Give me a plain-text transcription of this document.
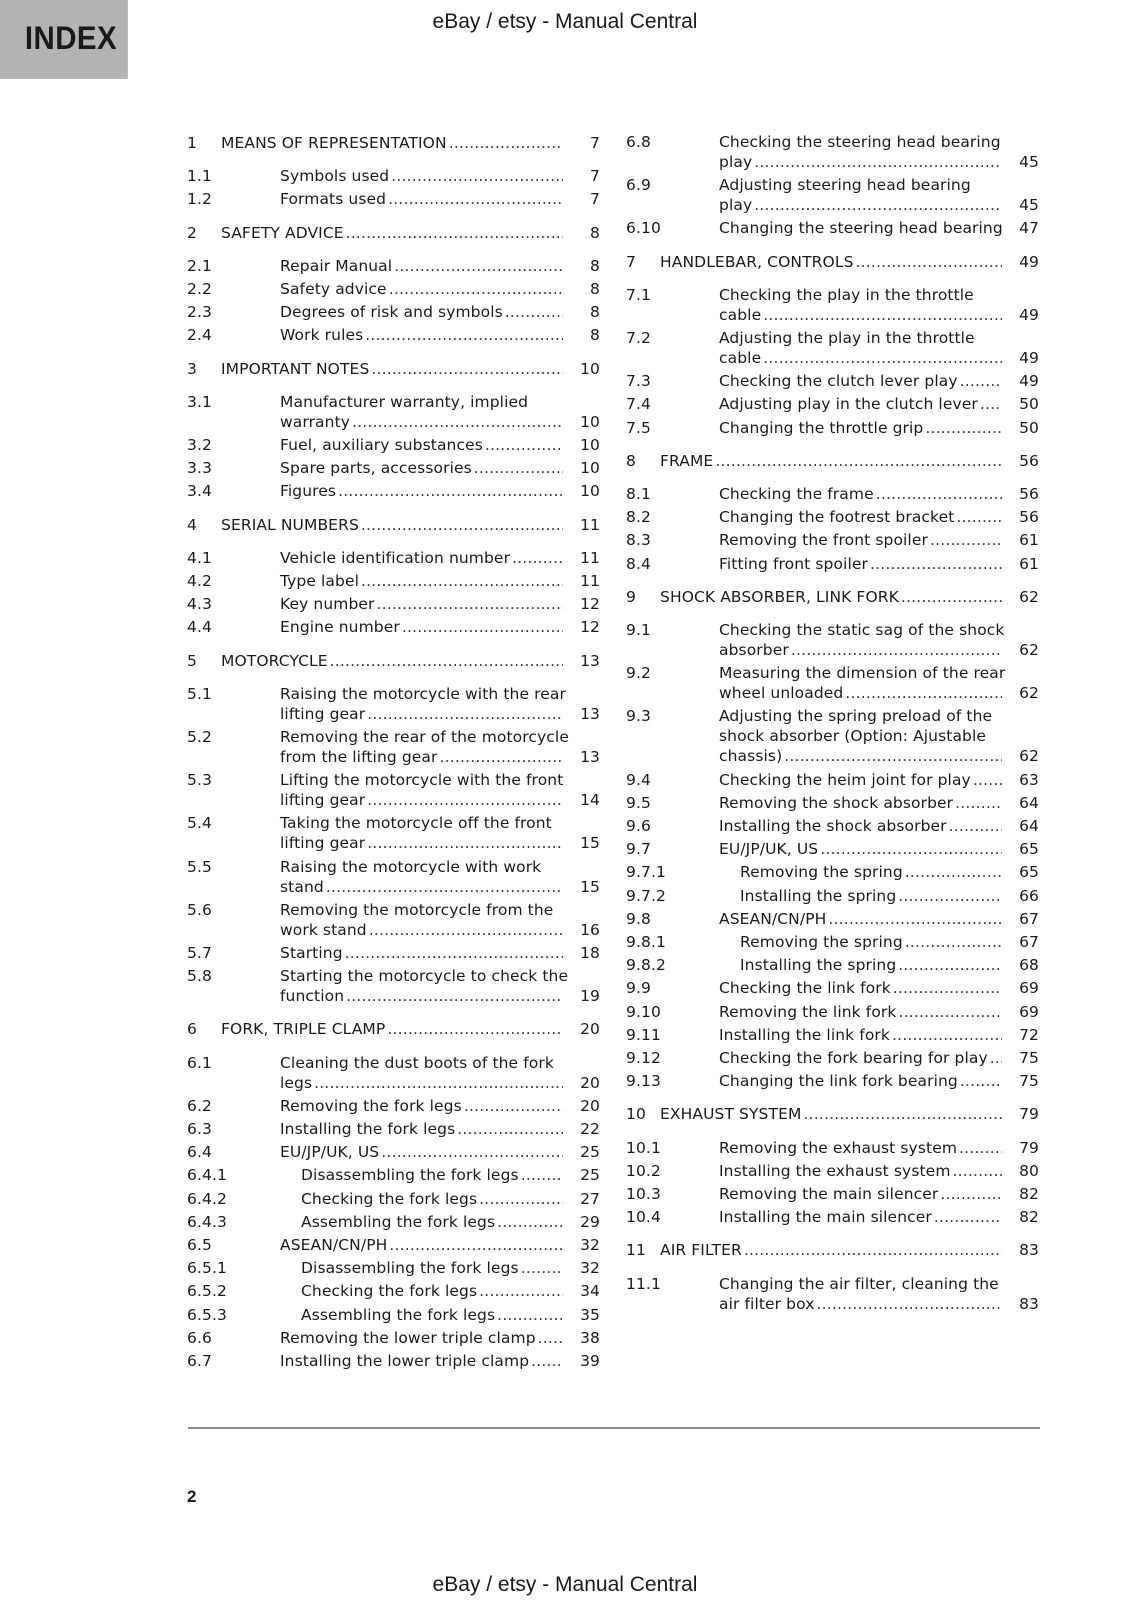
INDEX	eBay / etsy - Manual Central
1 MEANS OF REPRESENTATION .....	7
1.1	Symbols used .....	7
1.2	Formats used .....	7
2 SAFETY ADVICE .....	8
2.1	Repair Manual .....	8
2.2	Safety advice .....	8
2.3	Degrees of risk and symbols .....	8
2.4	Work rules .....	8
3 IMPORTANT NOTES .....	10
3.1	Manufacturer warranty, implied
warranty .....	10
3.2	Fuel, auxiliary substances .....	10
3.3	Spare parts, accessories .....	10
3.4	Figures .....	10
4 SERIAL NUMBERS .....	11
4.1	Vehicle identification number .....	11
4.2	Type label .....	11
4.3	Key number .....	12
4.4	Engine number .....	12
5 MOTORCYCLE .....	13
5.1	Raising the motorcycle with the rear
lifting gear .....	13
5.2	Removing the rear of the motorcycle
from the lifting gear .....	13
5.3	Lifting the motorcycle with the front
lifting gear .....	14
5.4	Taking the motorcycle off the front
lifting gear .....	15
5.5	Raising the motorcycle with work
stand .....	15
5.6	Removing the motorcycle from the
work stand .....	16
5.7	Starting .....	18
5.8	Starting the motorcycle to check the
function .....	19
6 FORK, TRIPLE CLAMP .....	20
6.1	Cleaning the dust boots of the fork
legs .....	20
6.2	Removing the fork legs .....	20
6.3	Installing the fork legs .....	22
6.4	EU/JP/UK, US .....	25
6.4.1	Disassembling the fork legs .....	25
6.4.2	Checking the fork legs .....	27
6.4.3	Assembling the fork legs .....	29
6.5	ASEAN/CN/PH .....	32
6.5.1	Disassembling the fork legs .....	32
6.5.2	Checking the fork legs .....	34
6.5.3	Assembling the fork legs .....	35
6.6	Removing the lower triple clamp .....	38
6.7	Installing the lower triple clamp .....	39
6.8	Checking the steering head bearing
play .....	45
6.9	Adjusting steering head bearing
play .....	45
6.10	Changing the steering head bearing 47
7 HANDLEBAR, CONTROLS .....	49
7.1	Checking the play in the throttle
cable .....	49
7.2	Adjusting the play in the throttle
cable .....	49
7.3	Checking the clutch lever play .....	49
7.4	Adjusting play in the clutch lever .....	50
7.5	Changing the throttle grip .....	50
8 FRAME .....	56
8.1	Checking the frame .....	56
8.2	Changing the footrest bracket .....	56
8.3	Removing the front spoiler .....	61
8.4	Fitting front spoiler .....	61
9 SHOCK ABSORBER, LINK FORK .....	62
9.1	Checking the static sag of the shock
absorber .....	62
9.2	Measuring the dimension of the rear
wheel unloaded .....	62
9.3	Adjusting the spring preload of the
shock absorber (Option: Ajustable
chassis) .....	62
9.4	Checking the heim joint for play .....	63
9.5	Removing the shock absorber .....	64
9.6	Installing the shock absorber .....	64
9.7	EU/JP/UK, US .....	65
9.7.1	Removing the spring .....	65
9.7.2	Installing the spring .....	66
9.8	ASEAN/CN/PH .....	67
9.8.1	Removing the spring .....	67
9.8.2	Installing the spring .....	68
9.9	Checking the link fork .....	69
9.10	Removing the link fork .....	69
9.11	Installing the link fork .....	72
9.12	Checking the fork bearing for play ..... 75
9.13	Changing the link fork bearing .....	75
10 EXHAUST SYSTEM .....	79
10.1	Removing the exhaust system .....	79
10.2	Installing the exhaust system .....	80
10.3	Removing the main silencer .....	82
10.4	Installing the main silencer .....	82
11 AIR FILTER .....	83
11.1	Changing the air filter, cleaning the
air filter box .....	83
2
eBay / etsy - Manual Central
